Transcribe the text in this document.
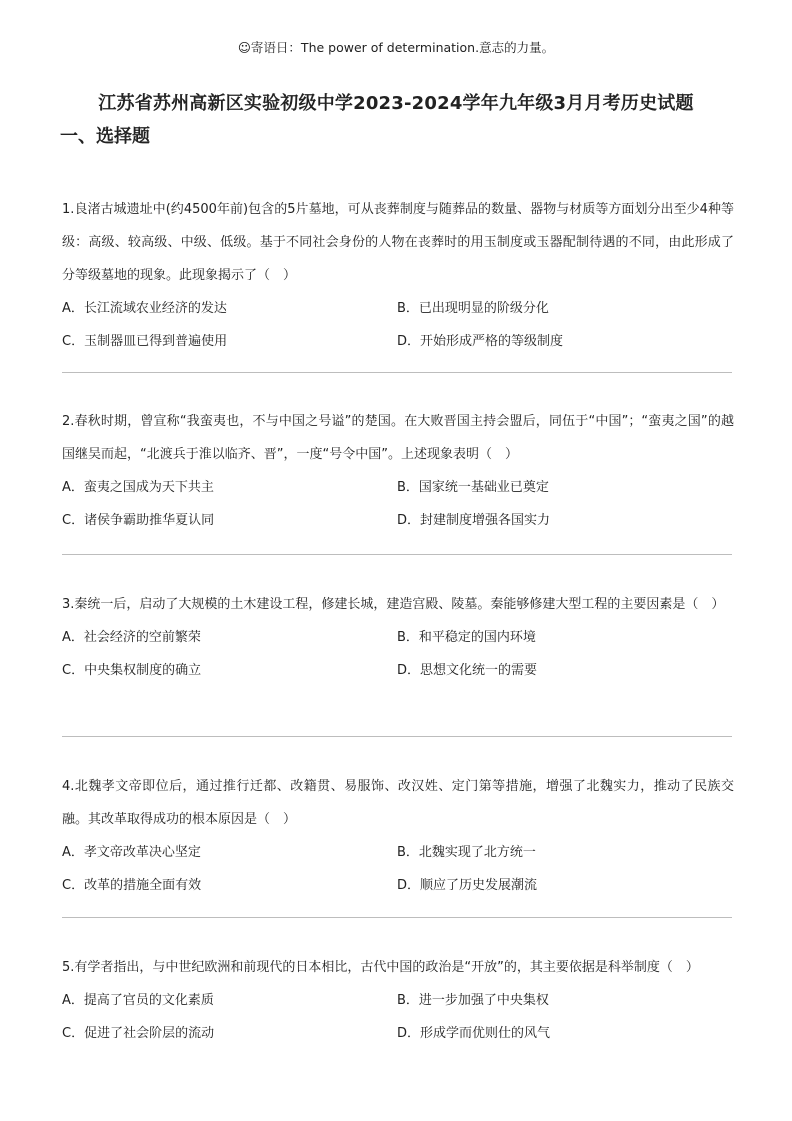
☺寄语日：The power of determination.意志的力量。
江苏省苏州高新区实验初级中学2023-2024学年九年级3月月考历史试题
一、选择题

1.良渚古城遗址中(约4500年前)包含的5片墓地，可从丧葬制度与随葬品的数量、器物与材质等方面划分出至少4种等级：高级、较高级、中级、低级。基于不同社会身份的人物在丧葬时的用玉制度或玉器配制待遇的不同，由此形成了分等级墓地的现象。此现象揭示了（　）

A．长江流域农业经济的发达	B．已出现明显的阶级分化
C．玉制器皿已得到普遍使用	D．开始形成严格的等级制度

2.春秋时期，曾宣称“我蛮夷也，不与中国之号谥”的楚国。在大败晋国主持会盟后，同伍于“中国”；“蛮夷之国”的越国继吴而起，“北渡兵于淮以临齐、晋”，一度“号令中国”。上述现象表明（　）

A．蛮夷之国成为天下共主	B．国家统一基础业已奠定
C．诸侯争霸助推华夏认同	D．封建制度增强各国实力

3.秦统一后，启动了大规模的土木建设工程，修建长城，建造宫殿、陵墓。秦能够修建大型工程的主要因素是（　）

A．社会经济的空前繁荣	B．和平稳定的国内环境
C．中央集权制度的确立	D．思想文化统一的需要

4.北魏孝文帝即位后，通过推行迁都、改籍贯、易服饰、改汉姓、定门第等措施，增强了北魏实力，推动了民族交融。其改革取得成功的根本原因是（　）

A．孝文帝改革决心坚定	B．北魏实现了北方统一
C．改革的措施全面有效	D．顺应了历史发展潮流

5.有学者指出，与中世纪欧洲和前现代的日本相比，古代中国的政治是“开放”的，其主要依据是科举制度（　）

A．提高了官员的文化素质	B．进一步加强了中央集权
C．促进了社会阶层的流动	D．形成学而优则仕的风气
